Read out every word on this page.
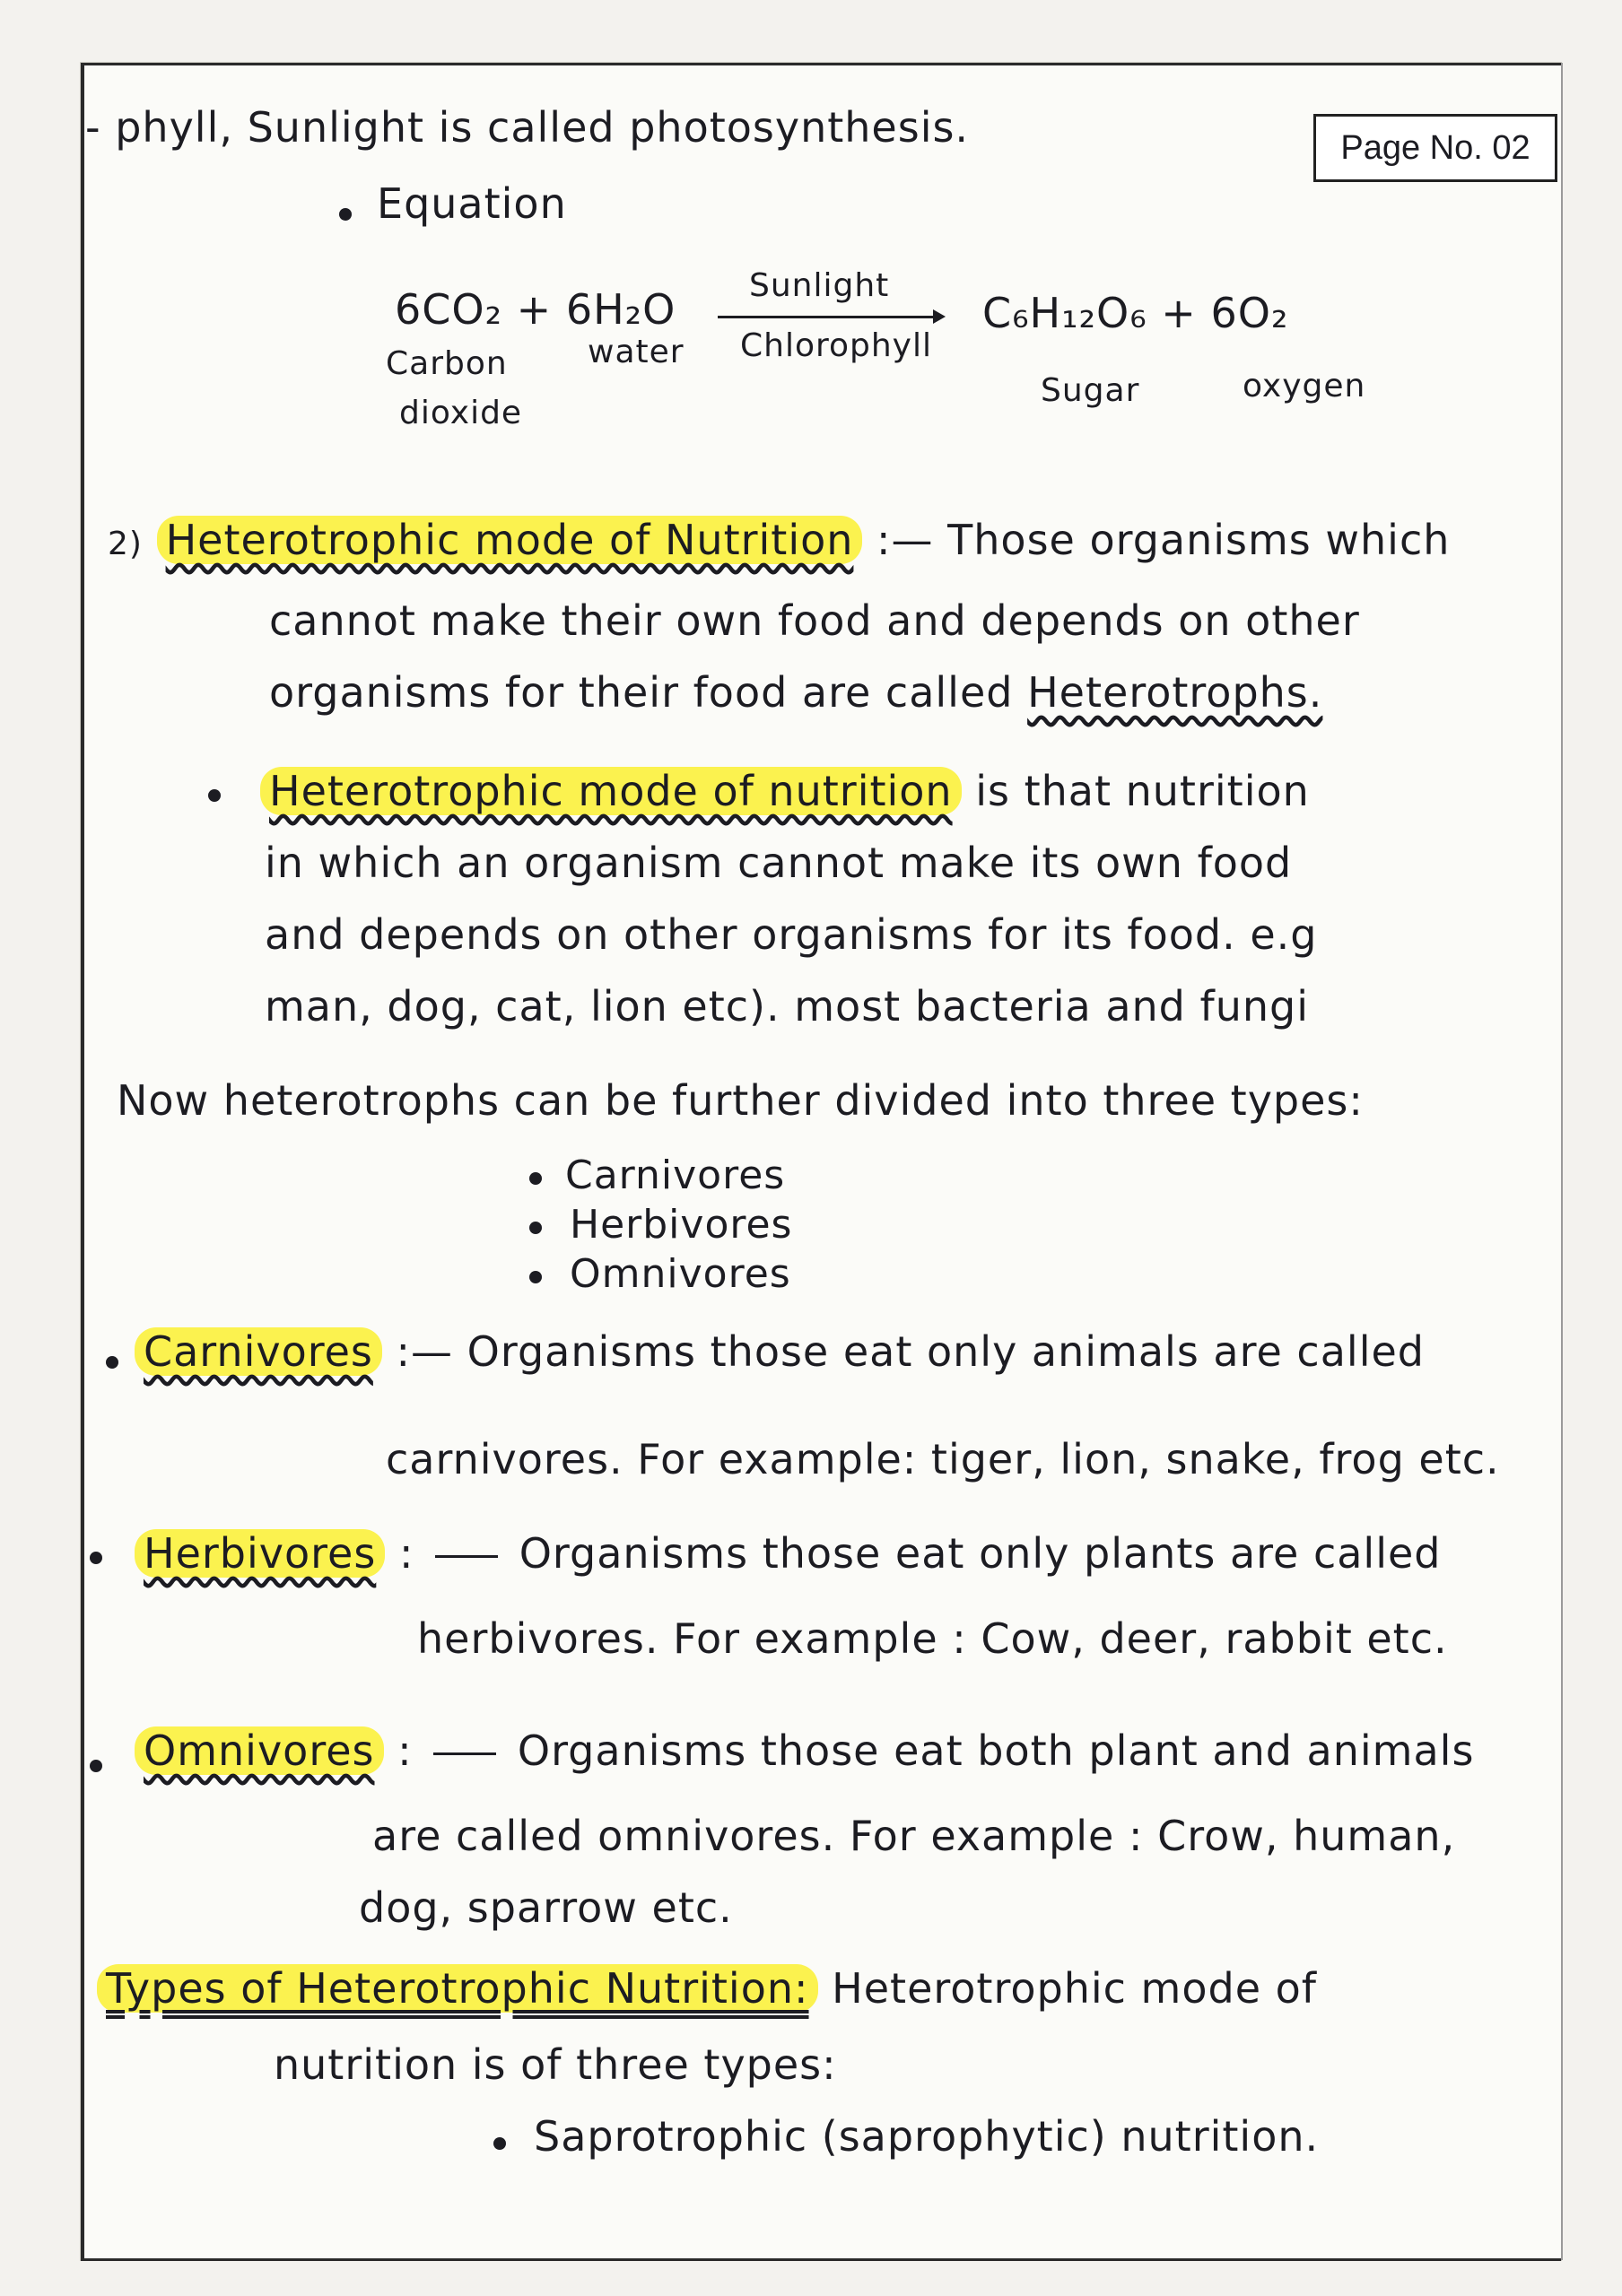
Page No. 02
- phyll, Sunlight is called photosynthesis.
Equation
6CO₂ + 6H₂O
Carbon
dioxide
water
Sunlight
Chlorophyll
C₆H₁₂O₆ + 6O₂
Sugar	oxygen
2) Heterotrophic mode of Nutrition :— Those organisms which
cannot make their own food and depends on other
organisms for their food are called Heterotrophs.
Heterotrophic mode of nutrition is that nutrition
in which an organism cannot make its own food
and depends on other organisms for its food. e.g
man, dog, cat, lion etc). most bacteria and fungi
Now heterotrophs can be further divided into three types:
Carnivores
Herbivores
Omnivores
Carnivores :— Organisms those eat only animals are called
carnivores. For example: tiger, lion, snake, frog etc.
Herbivores :	Organisms those eat only plants are called
herbivores. For example : Cow, deer, rabbit etc.
Omnivores :	Organisms those eat both plant and animals
are called omnivores. For example : Crow, human,
dog, sparrow etc.
Types of Heterotrophic Nutrition: Heterotrophic mode of
nutrition is of three types:
Saprotrophic (saprophytic) nutrition.
